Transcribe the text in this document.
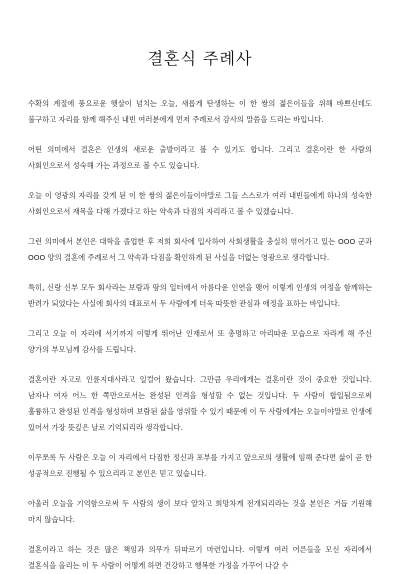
결혼식 주례사

수확의 계절에 풍요로운 햇살이 넘치는 오늘, 새롭게 탄생하는 이 한 쌍의 젊은이들을 위해 바쁘신데도 불구하고 자리를 함께 해주신 내빈 여러분에게 먼저 주례로서 감사의 말씀을 드리는 바입니다.

어떤 의미에서 결혼은 인생의 새로운 출발이라고 볼 수 있기도 합니다. 그리고 결혼이란 한 사람의 사회인으로서 성숙해 가는 과정으로 볼 수도 있습니다.

오늘 이 영광의 자리를 갖게 된 이 한 쌍의 젊은이들이야말로 그들 스스로가 여러 내빈들에게 하나의 성숙한 사회인으로서 재목을 다해 가겠다고 하는 약속과 다짐의 자리라고 볼 수 있겠습니다.

그런 의미에서 본인은 대학을 졸업한 후 저희 회사에 입사하여 사회생활을 충실히 엮어가고 있는 OOO 군과 OOO 양의 결혼에 주례로서 그 약속과 다짐을 확인하게 된 사실을 더없는 영광으로 생각합니다.

특히, 신랑 신부 모두 회사라는 보람과 땀의 일터에서 아름다운 인연을 맺어 이렇게 인생의 여정을 함께하는 반려가 되었다는 사실에 회사의 대표로서 두 사람에게 더욱 따뜻한 관심과 애정을 표하는 바입니다.

그리고 오늘 이 자리에 서기까지 이렇게 뛰어난 인재로서 또 총명하고 아리따운 모습으로 자라게 해 주신 양가의 부모님께 감사를 드립니다.

결혼이란 자고로 인륜지대사라고 일컬어 왔습니다. 그만큼 우리에게는 결혼이란 것이 중요한 것입니다. 남자나 여자 어느 한 쪽만으로서는 완성된 인격을 형성할 수 없는 것입니다. 두 사람이 합일됨으로써 훌륭하고 완성된 인격을 형성하며 보람된 삶을 영위할 수 있기 때문에 이 두 사람에게는 오늘이야말로 인생에 있어서 가장 뜻깊은 날로 기억되리라 생각합니다.

이무쪼록 두 사람은 오늘 이 자리에서 다짐한 정신과 포부를 가지고 앞으로의 생활에 임해 준다면 삶이 곧 한 성공적으로 진행될 수 있으리라고 본인은 믿고 있습니다.

아울러 오늘을 기억함으로써 두 사람의 생이 보다 알차고 희망차게 전개되리라는 것을 본인은 거듭 기원해 마지 않습니다.

결혼이라고 하는 것은 많은 책임과 의무가 뒤따르기 마련입니다. 이렇게 여러 어른들을 모신 자리에서 결혼식을 올리는 이 두 사람이 어떻게 하면 건강하고 행복한 가정을 가꾸어 나갈 수
